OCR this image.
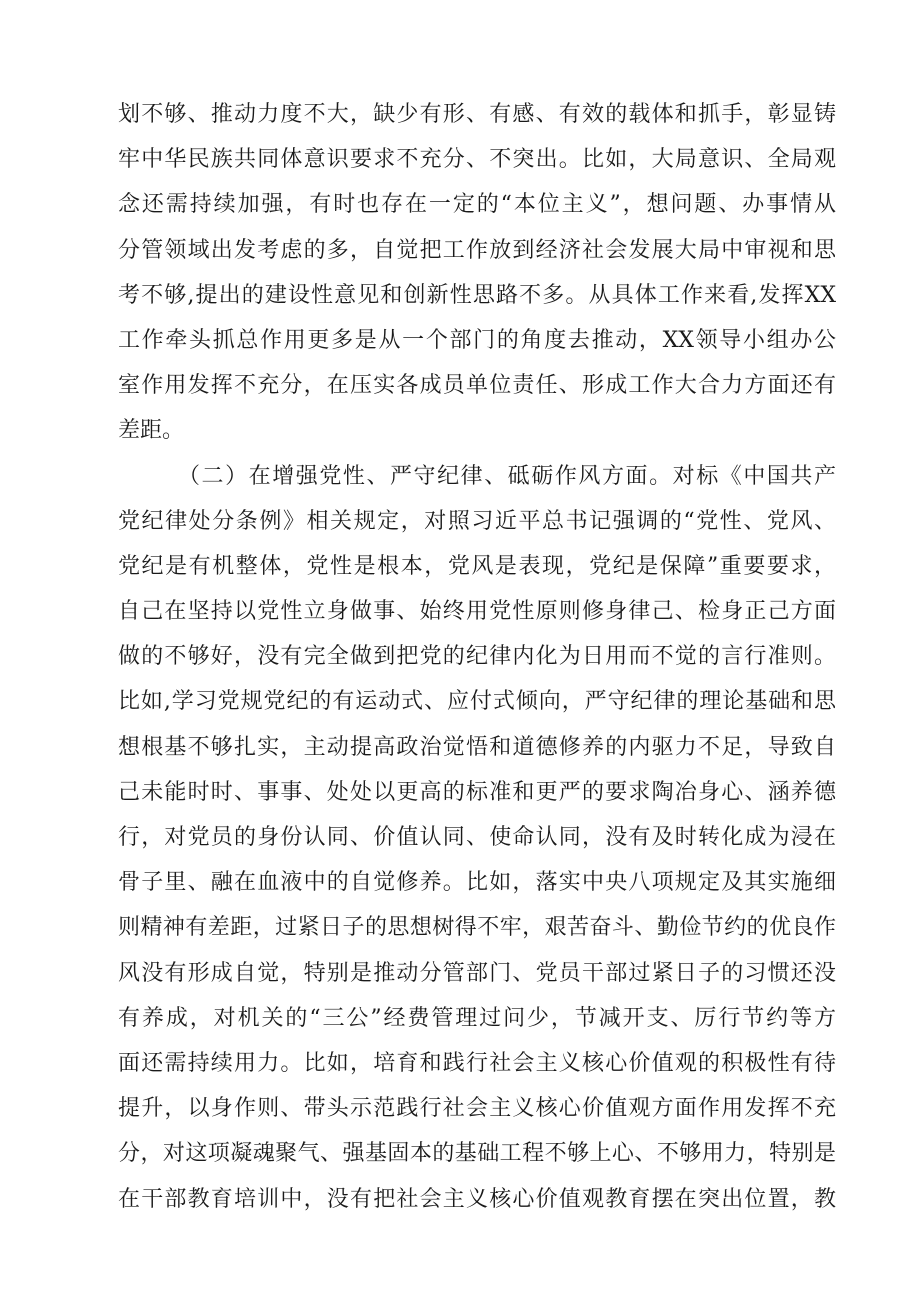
划不够、推动力度不大，缺少有形、有感、有效的载体和抓手，彰显铸
牢中华民族共同体意识要求不充分、不突出。比如，大局意识、全局观
念还需持续加强，有时也存在一定的“本位主义”，想问题、办事情从
分管领域出发考虑的多，自觉把工作放到经济社会发展大局中审视和思
考不够,提出的建设性意见和创新性思路不多。从具体工作来看,发挥XX
工作牵头抓总作用更多是从一个部门的角度去推动，XX领导小组办公
室作用发挥不充分，在压实各成员单位责任、形成工作大合力方面还有
差距。
（二）在增强党性、严守纪律、砥砺作风方面。对标《中国共产
党纪律处分条例》相关规定，对照习近平总书记强调的“党性、党风、
党纪是有机整体，党性是根本，党风是表现，党纪是保障”重要要求，
自己在坚持以党性立身做事、始终用党性原则修身律己、检身正己方面
做的不够好，没有完全做到把党的纪律内化为日用而不觉的言行准则。
比如,学习党规党纪的有运动式、应付式倾向，严守纪律的理论基础和思
想根基不够扎实，主动提高政治觉悟和道德修养的内驱力不足，导致自
己未能时时、事事、处处以更高的标准和更严的要求陶冶身心、涵养德
行，对党员的身份认同、价值认同、使命认同，没有及时转化成为浸在
骨子里、融在血液中的自觉修养。比如，落实中央八项规定及其实施细
则精神有差距，过紧日子的思想树得不牢，艰苦奋斗、勤俭节约的优良作
风没有形成自觉，特别是推动分管部门、党员干部过紧日子的习惯还没
有养成，对机关的“三公”经费管理过问少，节减开支、厉行节约等方
面还需持续用力。比如，培育和践行社会主义核心价值观的积极性有待
提升，以身作则、带头示范践行社会主义核心价值观方面作用发挥不充
分，对这项凝魂聚气、强基固本的基础工程不够上心、不够用力，特别是
在干部教育培训中，没有把社会主义核心价值观教育摆在突出位置，教
